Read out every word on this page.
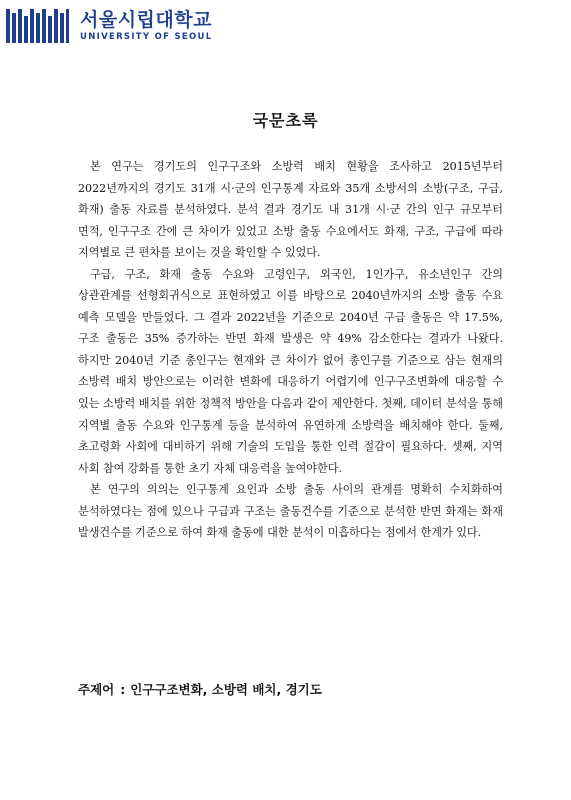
서울시립대학교
UNIVERSITY OF SEOUL
국문초록

본 연구는 경기도의 인구구조와 소방력 배치 현황을 조사하고 2015년부터 2022년까지의 경기도 31개 시·군의 인구통계 자료와 35개 소방서의 소방(구조, 구급, 화재) 출동 자료를 분석하였다. 분석 결과 경기도 내 31개 시·군 간의 인구 규모부터 면적, 인구구조 간에 큰 차이가 있었고 소방 출동 수요에서도 화재, 구조, 구급에 따라 지역별로 큰 편차를 보이는 것을 확인할 수 있었다.

구급, 구조, 화재 출동 수요와 고령인구, 외국인, 1인가구, 유소년인구 간의 상관관계를 선형회귀식으로 표현하였고 이를 바탕으로 2040년까지의 소방 출동 수요 예측 모델을 만들었다. 그 결과 2022년을 기준으로 2040년 구급 출동은 약 17.5%, 구조 출동은 35% 증가하는 반면 화재 발생은 약 49% 감소한다는 결과가 나왔다. 하지만 2040년 기준 총인구는 현재와 큰 차이가 없어 총인구를 기준으로 삼는 현재의 소방력 배치 방안으로는 이러한 변화에 대응하기 어렵기에 인구구조변화에 대응할 수 있는 소방력 배치를 위한 정책적 방안을 다음과 같이 제안한다. 첫째, 데이터 분석을 통해 지역별 출동 수요와 인구통계 등을 분석하여 유연하게 소방력을 배치해야 한다. 둘째, 초고령화 사회에 대비하기 위해 기술의 도입을 통한 인력 절감이 필요하다. 셋째, 지역 사회 참여 강화를 통한 초기 자체 대응력을 높여야한다.

본 연구의 의의는 인구통계 요인과 소방 출동 사이의 관계를 명확히 수치화하여 분석하였다는 점에 있으나 구급과 구조는 출동건수를 기준으로 분석한 반면 화재는 화재 발생건수를 기준으로 하여 화재 출동에 대한 분석이 미흡하다는 점에서 한계가 있다.

주제어 : 인구구조변화, 소방력 배치, 경기도
